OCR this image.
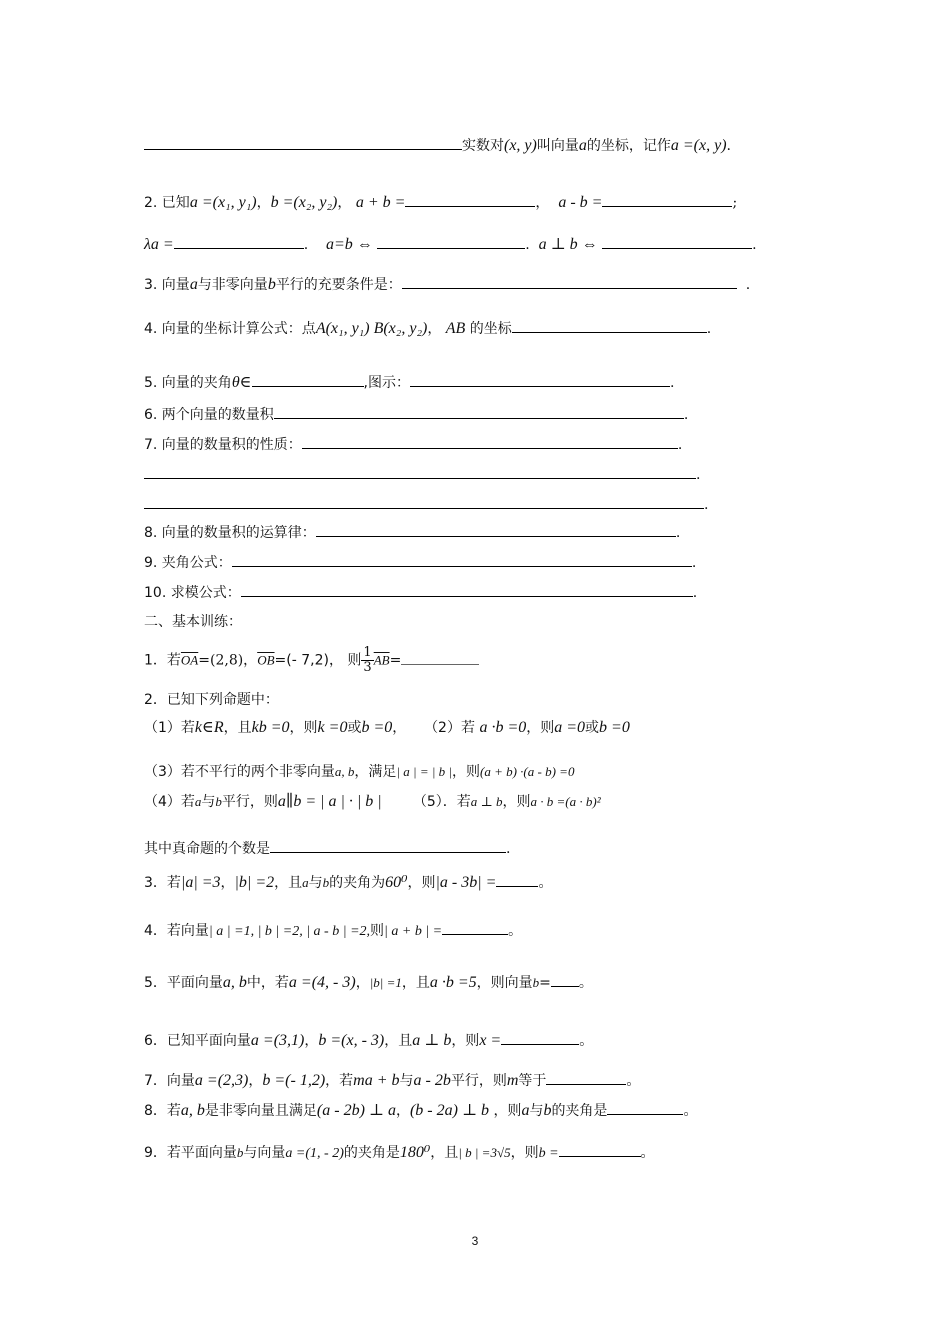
实数对(x, y)叫向量a的坐标，记作a =(x, y).
2. 已知a =(x₁, y₁)，b =(x₂, y₂)， a + b =	， a - b =	;
λa =	. a=b ⇔	. a ⊥ b ⇔	.
3. 向量a与非零向量b平行的充要条件是：	.
4. 向量的坐标计算公式：点A(x₁, y₁) B(x₂, y₂)， AB 的坐标	.
5. 向量的夹角θ∈	,图示：	.
6. 两个向量的数量积	.
7. 向量的数量积的性质：	.
.
.
8. 向量的数量积的运算律：	.
9. 夹角公式：	.
10. 求模公式：	.
二、基本训练：
1．若$\overline{OA}=(2,8)$，$\overline{OB}=(-$ 7,2)， 则 $\frac{1}{3} \overline{AB}=$
2．已知下列命题中：
（1）若k∈R，且kb =0，则k =0或b =0， （2）若 a ·b =0，则a =0或b =0
（3）若不平行的两个非零向量a, b，满足| a | = | b |，则(a + b) ·(a - b) =0
（4）若a与b平行，则a∥b = | a | · | b | （5）．若a ⊥ b，则a · b =(a · b)²
其中真命题的个数是	.
3．若|a| =3，|b| =2，且a与b的夹角为60⁰，则|a - 3b| =	。
4．若向量| a | =1, | b | =2, | a - b | =2,则| a + b | =	。
5．平面向量a, b中，若a =(4, - 3)，|b| =1，且a ·b =5，则向量b= 。
6．已知平面向量a =(3,1)，b =(x, - 3)，且a ⊥ b，则x =	。
7．向量a =(2,3)，b =(- 1,2)，若ma + b与a - 2b平行，则m等于	。
8．若a, b是非零向量且满足(a - 2b) ⊥ a，(b - 2a) ⊥ b ，则a与b的夹角是	。
9．若平面向量b与向量a =(1, - 2)的夹角是180⁰，且| b | =3√5，则b =	。
3
